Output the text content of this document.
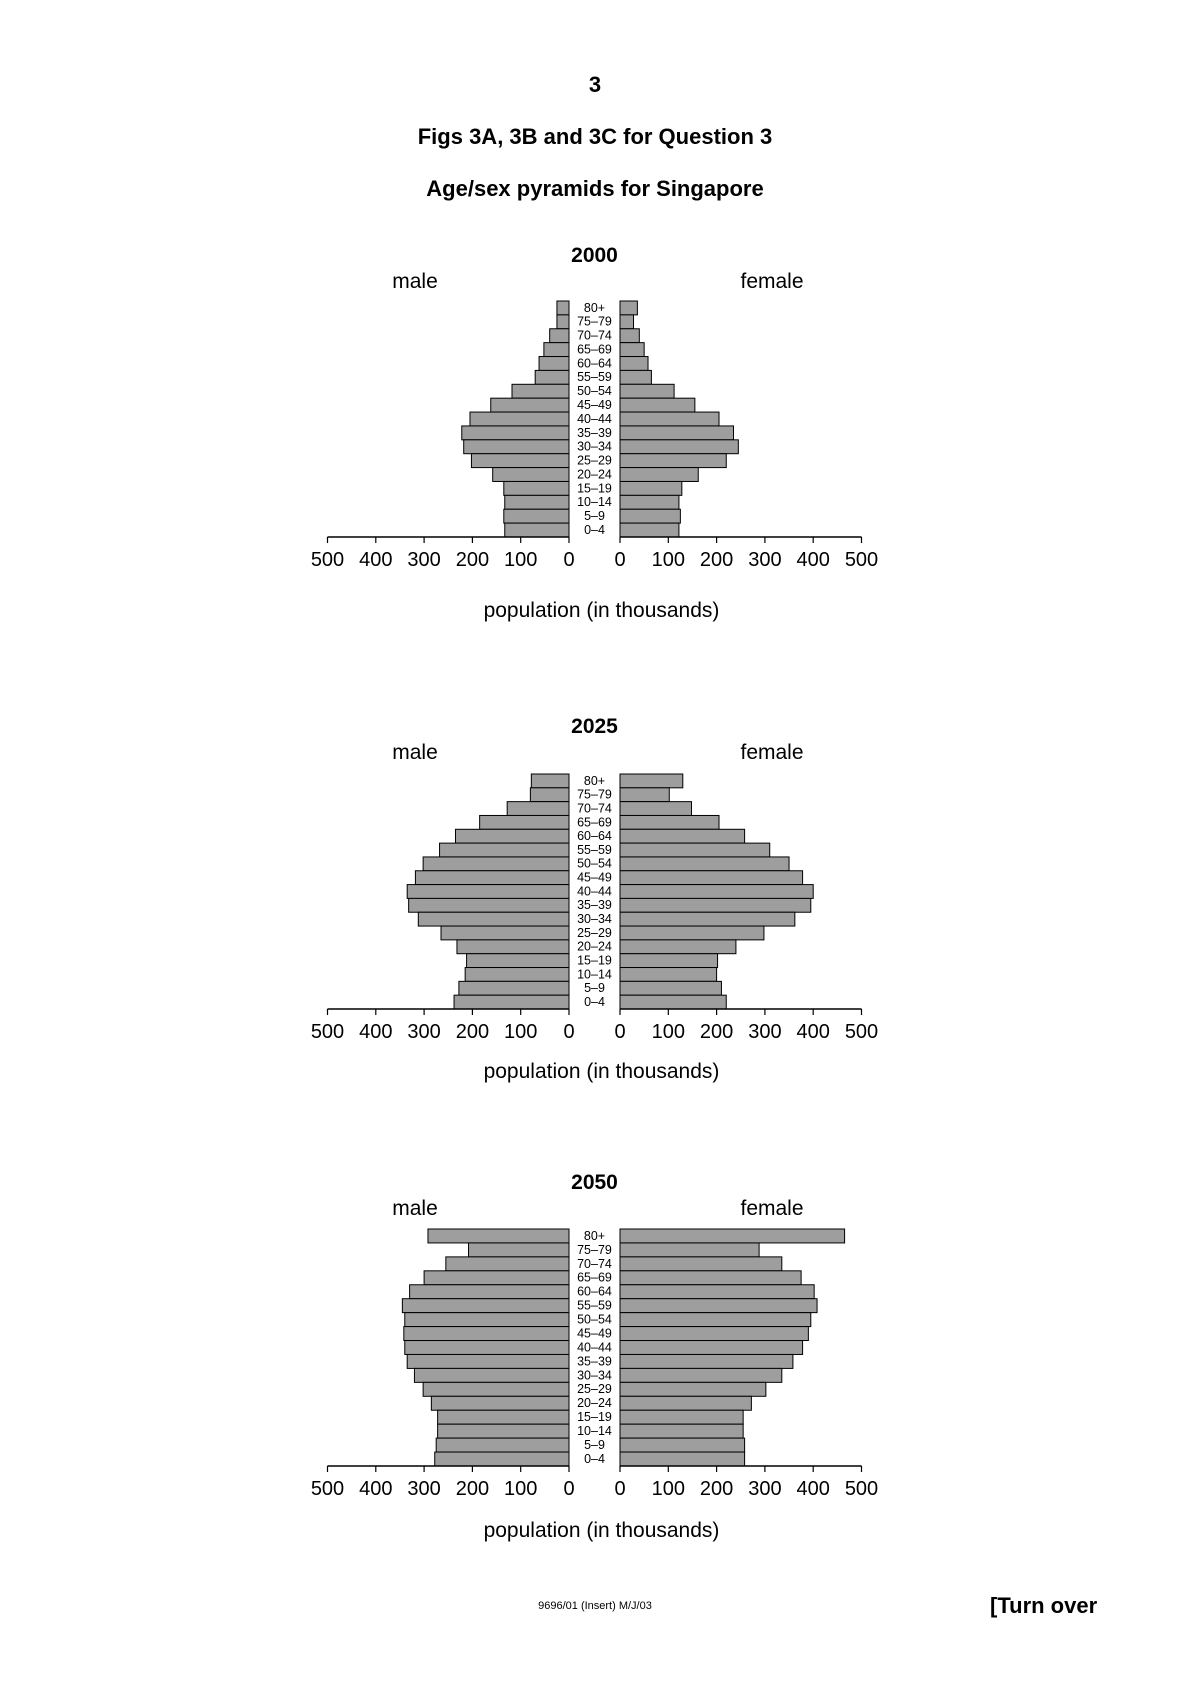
3
Figs 3A, 3B and 3C for Question 3
Age/sex pyramids for Singapore
2000
male	female
80+
75–79
70–74
65–69
60–64
55–59
50–54
45–49
40–44
35–39
30–34
25–29
20–24
15–19
10–14
5–9
0–4
500 400 300 200 100 0 0 100 200 300 400 500
population (in thousands)
2025
male	female
80+
75–79
70–74
65–69
60–64
55–59
50–54
45–49
40–44
35–39
30–34
25–29
20–24
15–19
10–14
5–9
0–4
500 400 300 200 100 0 0 100 200 300 400 500
population (in thousands)
2050
male	female
80+
75–79
70–74
65–69
60–64
55–59
50–54
45–49
40–44
35–39
30–34
25–29
20–24
15–19
10–14
5–9
0–4
500 400 300 200 100 0 0 100 200 300 400 500
population (in thousands)
9696/01 (Insert) M/J/03	[Turn over
